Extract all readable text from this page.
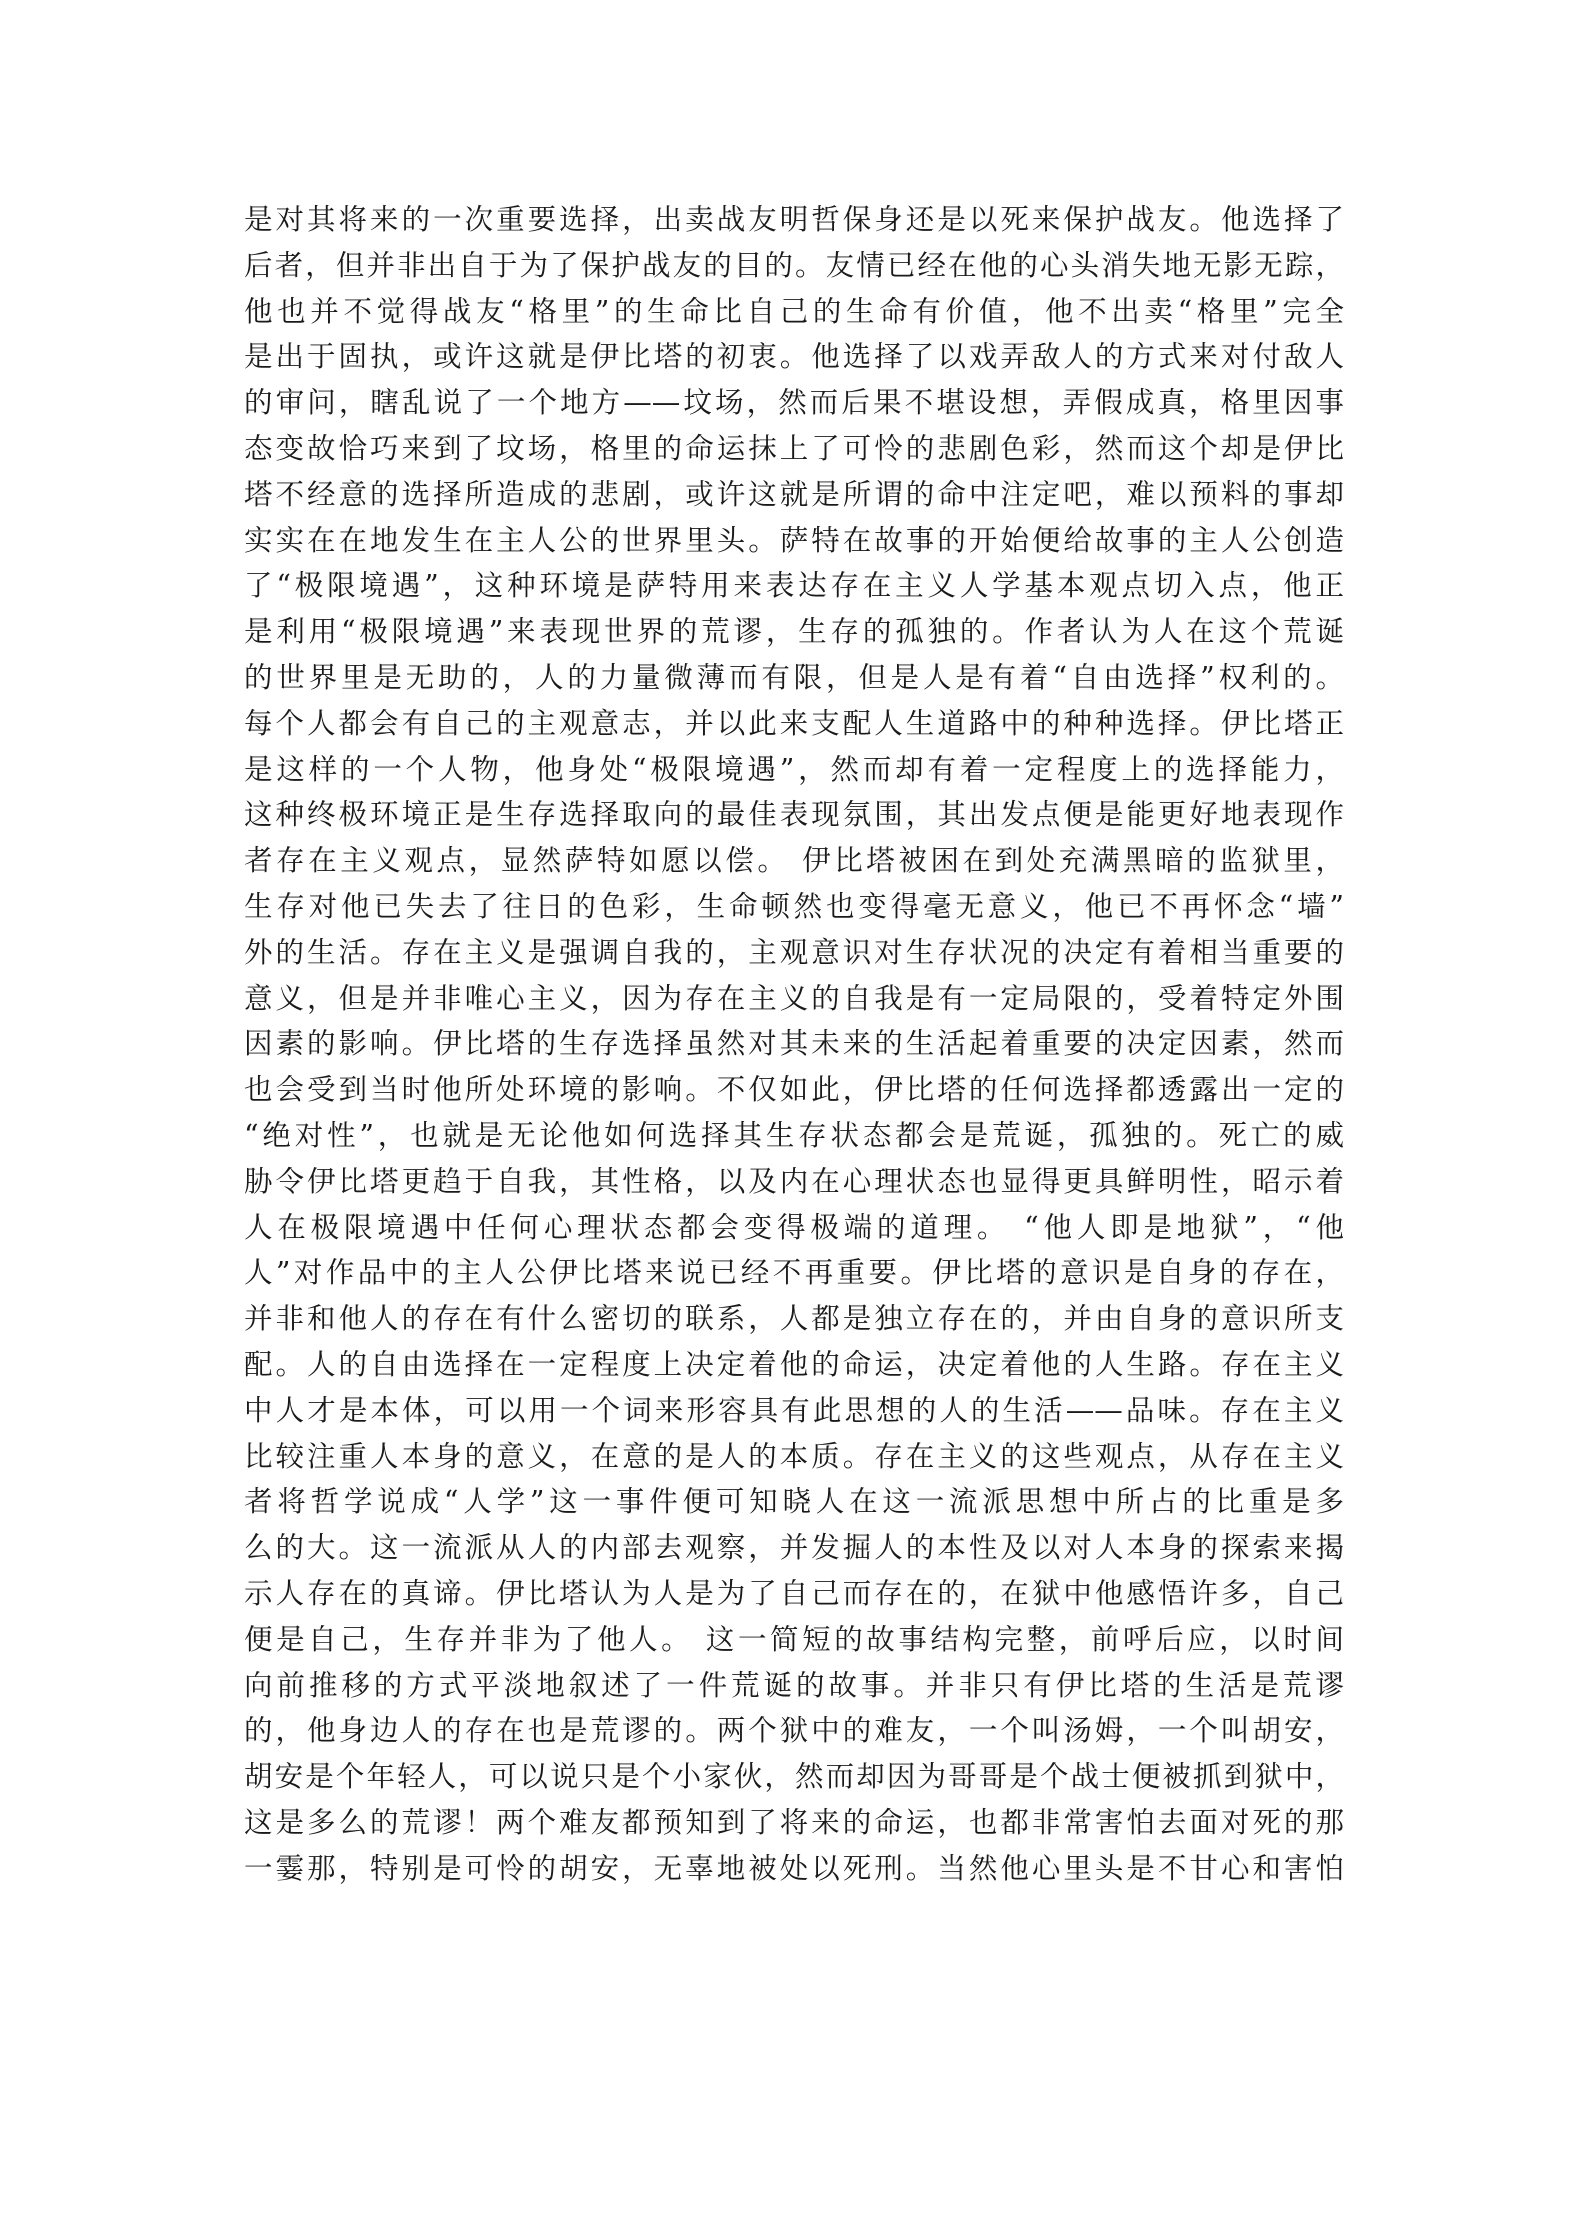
是对其将来的一次重要选择，出卖战友明哲保身还是以死来保护战友。他选择了
后者，但并非出自于为了保护战友的目的。友情已经在他的心头消失地无影无踪，
他也并不觉得战友“格里”的生命比自己的生命有价值，他不出卖“格里”完全
是出于固执，或许这就是伊比塔的初衷。他选择了以戏弄敌人的方式来对付敌人
的审问，瞎乱说了一个地方——坟场，然而后果不堪设想，弄假成真，格里因事
态变故恰巧来到了坟场，格里的命运抹上了可怜的悲剧色彩，然而这个却是伊比
塔不经意的选择所造成的悲剧，或许这就是所谓的命中注定吧，难以预料的事却
实实在在地发生在主人公的世界里头。萨特在故事的开始便给故事的主人公创造
了“极限境遇”，这种环境是萨特用来表达存在主义人学基本观点切入点，他正
是利用“极限境遇”来表现世界的荒谬，生存的孤独的。作者认为人在这个荒诞
的世界里是无助的，人的力量微薄而有限，但是人是有着“自由选择”权利的。
每个人都会有自己的主观意志，并以此来支配人生道路中的种种选择。伊比塔正
是这样的一个人物，他身处“极限境遇”，然而却有着一定程度上的选择能力，
这种终极环境正是生存选择取向的最佳表现氛围，其出发点便是能更好地表现作
者存在主义观点，显然萨特如愿以偿。 伊比塔被困在到处充满黑暗的监狱里，
生存对他已失去了往日的色彩，生命顿然也变得毫无意义，他已不再怀念“墙”
外的生活。存在主义是强调自我的，主观意识对生存状况的决定有着相当重要的
意义，但是并非唯心主义，因为存在主义的自我是有一定局限的，受着特定外围
因素的影响。伊比塔的生存选择虽然对其未来的生活起着重要的决定因素，然而
也会受到当时他所处环境的影响。不仅如此，伊比塔的任何选择都透露出一定的
“绝对性”，也就是无论他如何选择其生存状态都会是荒诞，孤独的。死亡的威
胁令伊比塔更趋于自我，其性格，以及内在心理状态也显得更具鲜明性，昭示着
人在极限境遇中任何心理状态都会变得极端的道理。 “他人即是地狱”，“他
人”对作品中的主人公伊比塔来说已经不再重要。伊比塔的意识是自身的存在，
并非和他人的存在有什么密切的联系，人都是独立存在的，并由自身的意识所支
配。人的自由选择在一定程度上决定着他的命运，决定着他的人生路。存在主义
中人才是本体，可以用一个词来形容具有此思想的人的生活——品味。存在主义
比较注重人本身的意义，在意的是人的本质。存在主义的这些观点，从存在主义
者将哲学说成“人学”这一事件便可知晓人在这一流派思想中所占的比重是多
么的大。这一流派从人的内部去观察，并发掘人的本性及以对人本身的探索来揭
示人存在的真谛。伊比塔认为人是为了自己而存在的，在狱中他感悟许多，自己
便是自己，生存并非为了他人。 这一简短的故事结构完整，前呼后应，以时间
向前推移的方式平淡地叙述了一件荒诞的故事。并非只有伊比塔的生活是荒谬
的，他身边人的存在也是荒谬的。两个狱中的难友，一个叫汤姆，一个叫胡安，
胡安是个年轻人，可以说只是个小家伙，然而却因为哥哥是个战士便被抓到狱中，
这是多么的荒谬！两个难友都预知到了将来的命运，也都非常害怕去面对死的那
一霎那，特别是可怜的胡安，无辜地被处以死刑。当然他心里头是不甘心和害怕
